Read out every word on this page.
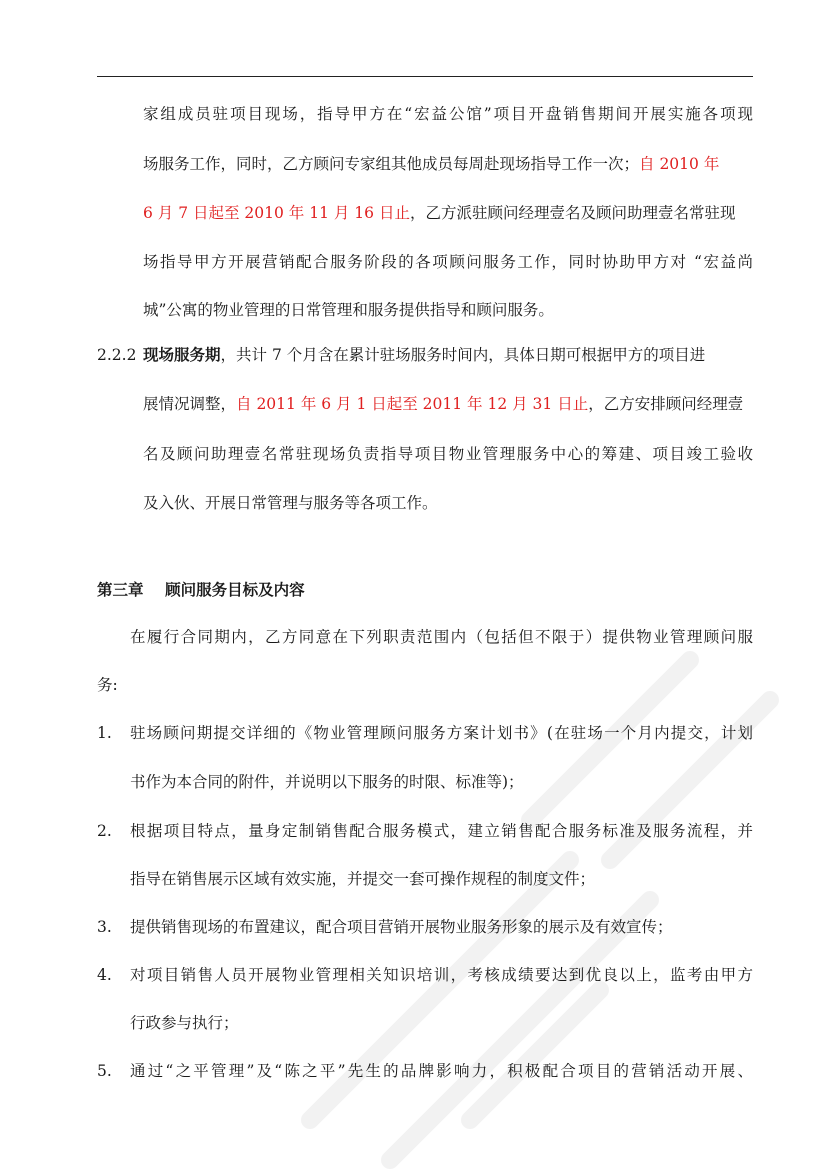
家组成员驻项目现场，指导甲方在“宏益公馆”项目开盘销售期间开展实施各项现
场服务工作，同时，乙方顾问专家组其他成员每周赴现场指导工作一次；自 2010 年
6 月 7 日起至 2010 年 11 月 16 日止，乙方派驻顾问经理壹名及顾问助理壹名常驻现
场指导甲方开展营销配合服务阶段的各项顾问服务工作，同时协助甲方对 “宏益尚
城”公寓的物业管理的日常管理和服务提供指导和顾问服务。
2.2.2 现场服务期，共计 7 个月含在累计驻场服务时间内，具体日期可根据甲方的项目进
展情况调整，自 2011 年 6 月 1 日起至 2011 年 12 月 31 日止，乙方安排顾问经理壹
名及顾问助理壹名常驻现场负责指导项目物业管理服务中心的筹建、项目竣工验收
及入伙、开展日常管理与服务等各项工作。
第三章    顾问服务目标及内容
在履行合同期内，乙方同意在下列职责范围内（包括但不限于）提供物业管理顾问服
务:
1. 驻场顾问期提交详细的《物业管理顾问服务方案计划书》(在驻场一个月内提交，计划
书作为本合同的附件，并说明以下服务的时限、标准等)；
2. 根据项目特点，量身定制销售配合服务模式，建立销售配合服务标准及服务流程，并
指导在销售展示区域有效实施，并提交一套可操作规程的制度文件；
3. 提供销售现场的布置建议，配合项目营销开展物业服务形象的展示及有效宣传；
4. 对项目销售人员开展物业管理相关知识培训，考核成绩要达到优良以上，监考由甲方
行政参与执行；
5. 通过“之平管理”及“陈之平”先生的品牌影响力，积极配合项目的营销活动开展、
